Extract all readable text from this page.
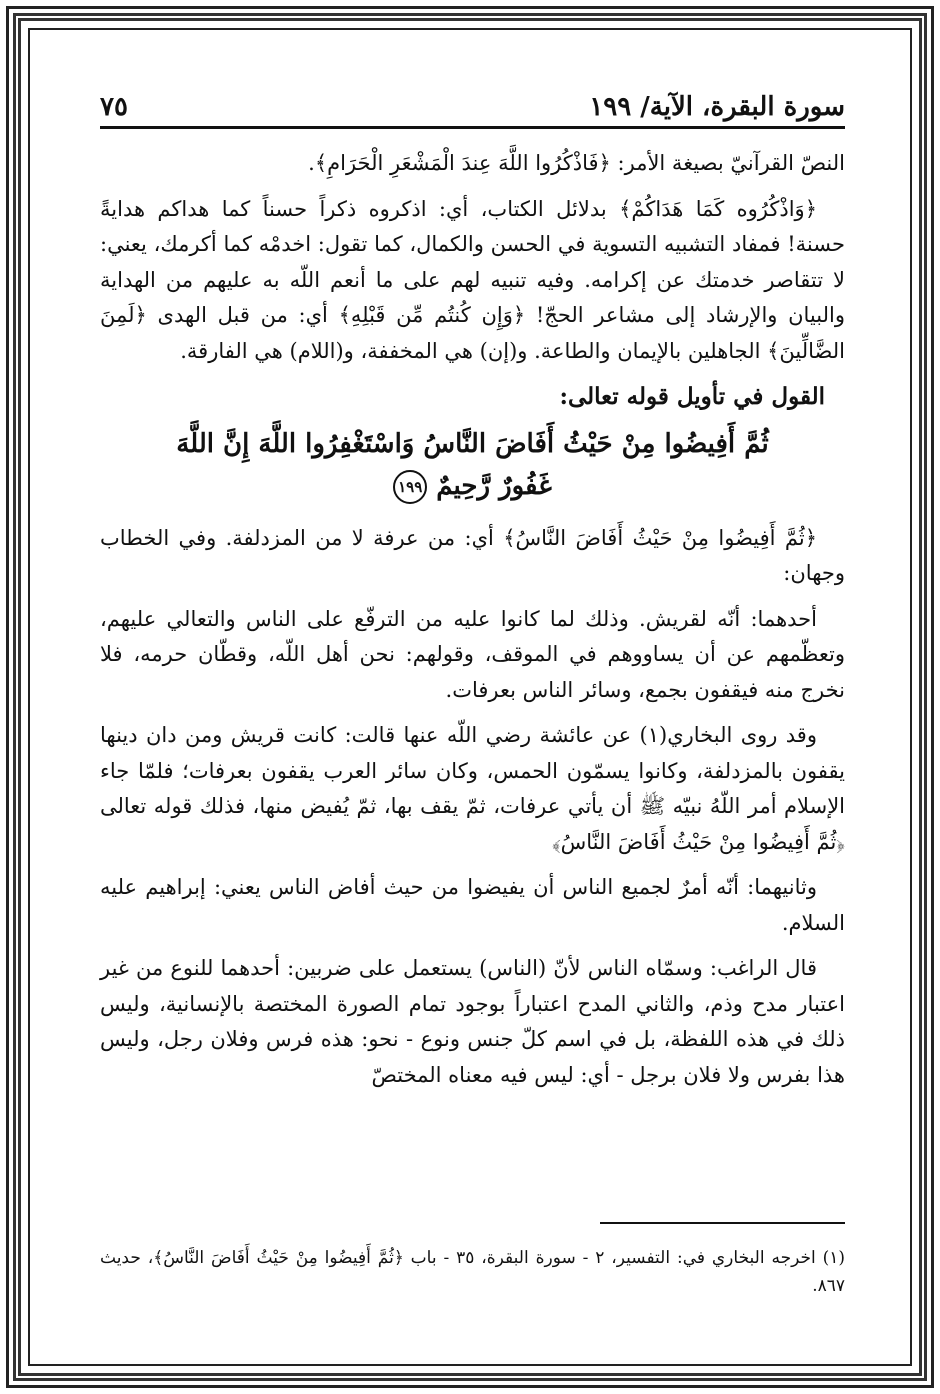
سورة البقرة، الآية/ ١٩٩
٧٥

النصّ القرآنيّ بصيغة الأمر: ﴿فَاذْكُرُوا اللَّهَ عِندَ الْمَشْعَرِ الْحَرَامِ﴾.

﴿وَاذْكُرُوه كَمَا هَدَاكُمْ﴾ بدلائل الكتاب، أي: اذكروه ذكراً حسناً كما هداكم هدايةً حسنة! فمفاد التشبيه التسوية في الحسن والكمال، كما تقول: اخدمْه كما أكرمك، يعني: لا تتقاصر خدمتك عن إكرامه. وفيه تنبيه لهم على ما أنعم اللّه به عليهم من الهداية والبيان والإرشاد إلى مشاعر الحجّ! ﴿وَإِن كُنتُم مِّن قَبْلِهِ﴾ أي: من قبل الهدى ﴿لَمِنَ الضَّالِّينَ﴾ الجاهلين بالإيمان والطاعة. و(إن) هي المخففة، و(اللام) هي الفارقة.

القول في تأويل قوله تعالى:
ثُمَّ أَفِيضُوا مِنْ حَيْثُ أَفَاضَ النَّاسُ وَاسْتَغْفِرُوا اللَّهَ إِنَّ اللَّهَ
غَفُورٌ رَّحِيمٌ ١٩٩

﴿ثُمَّ أَفِيضُوا مِنْ حَيْثُ أَفَاضَ النَّاسُ﴾ أي: من عرفة لا من المزدلفة. وفي الخطاب وجهان:

أحدهما: أنّه لقريش. وذلك لما كانوا عليه من الترفّع على الناس والتعالي عليهم، وتعظّمهم عن أن يساووهم في الموقف، وقولهم: نحن أهل اللّه، وقطّان حرمه، فلا نخرج منه فيقفون بجمع، وسائر الناس بعرفات.

وقد روى البخاري(١) عن عائشة رضي اللّه عنها قالت: كانت قريش ومن دان دينها يقفون بالمزدلفة، وكانوا يسمّون الحمس، وكان سائر العرب يقفون بعرفات؛ فلمّا جاء الإسلام أمر اللّهُ نبيّه ﷺ أن يأتي عرفات، ثمّ يقف بها، ثمّ يُفيض منها، فذلك قوله تعالى ﴿ثُمَّ أَفِيضُوا مِنْ حَيْثُ أَفَاضَ النَّاسُ﴾

وثانيهما: أنّه أمرٌ لجميع الناس أن يفيضوا من حيث أفاض الناس يعني: إبراهيم عليه السلام.

قال الراغب: وسمّاه الناس لأنّ (الناس) يستعمل على ضربين: أحدهما للنوع من غير اعتبار مدح وذم، والثاني المدح اعتباراً بوجود تمام الصورة المختصة بالإنسانية، وليس ذلك في هذه اللفظة، بل في اسم كلّ جنس ونوع - نحو: هذه فرس وفلان رجل، وليس هذا بفرس ولا فلان برجل - أي: ليس فيه معناه المختصّ

(١) اخرجه البخاري في: التفسير، ٢ - سورة البقرة، ٣٥ - باب ﴿ثُمَّ أَفِيضُوا مِنْ حَيْثُ أَفَاضَ النَّاسُ﴾، حديث ٨٦٧.
